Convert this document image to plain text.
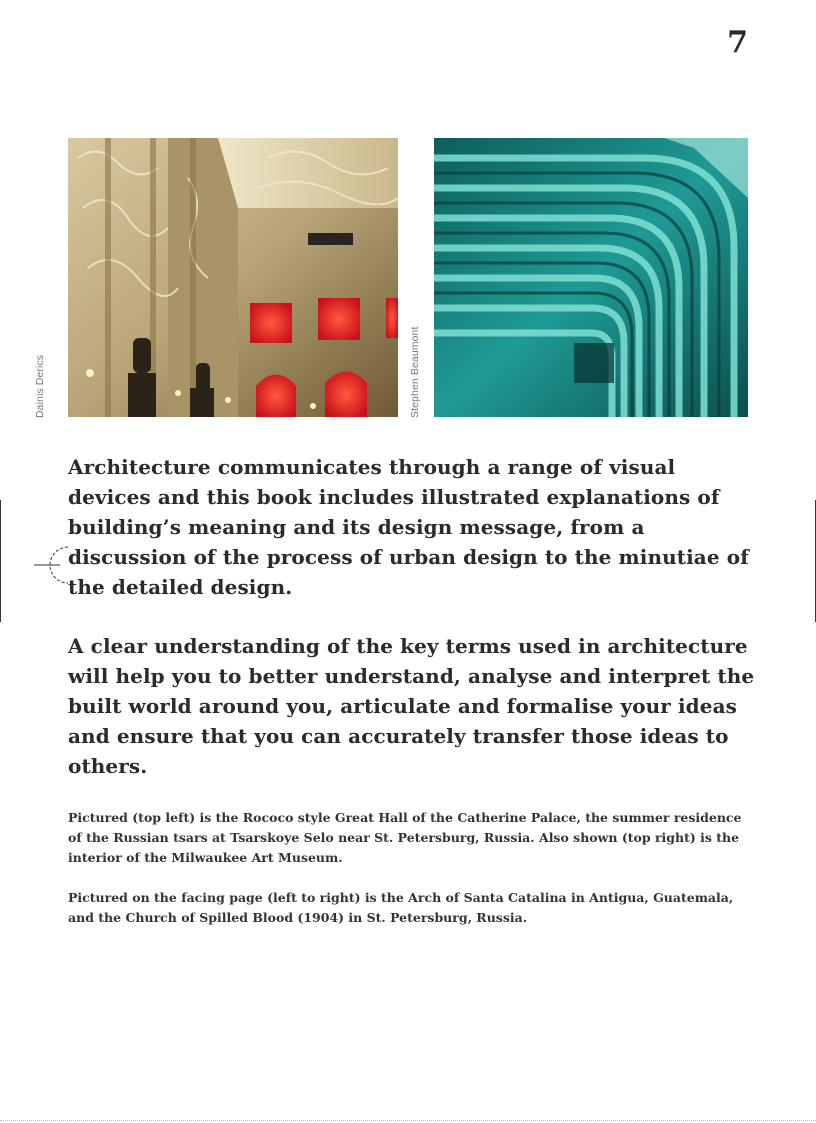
7
Dainis Derics	Stephen Beaumont

Architecture communicates through a range of visual devices and this book includes illustrated explanations of building’s meaning and its design message, from a discussion of the process of urban design to the minutiae of the detailed design.

A clear understanding of the key terms used in architecture will help you to better understand, analyse and interpret the built world around you, articulate and formalise your ideas and ensure that you can accurately transfer those ideas to others.

Pictured (top left) is the Rococo style Great Hall of the Catherine Palace, the summer residence of the Russian tsars at Tsarskoye Selo near St. Petersburg, Russia. Also shown (top right) is the interior of the Milwaukee Art Museum.

Pictured on the facing page (left to right) is the Arch of Santa Catalina in Antigua, Guatemala, and the Church of Spilled Blood (1904) in St. Petersburg, Russia.
